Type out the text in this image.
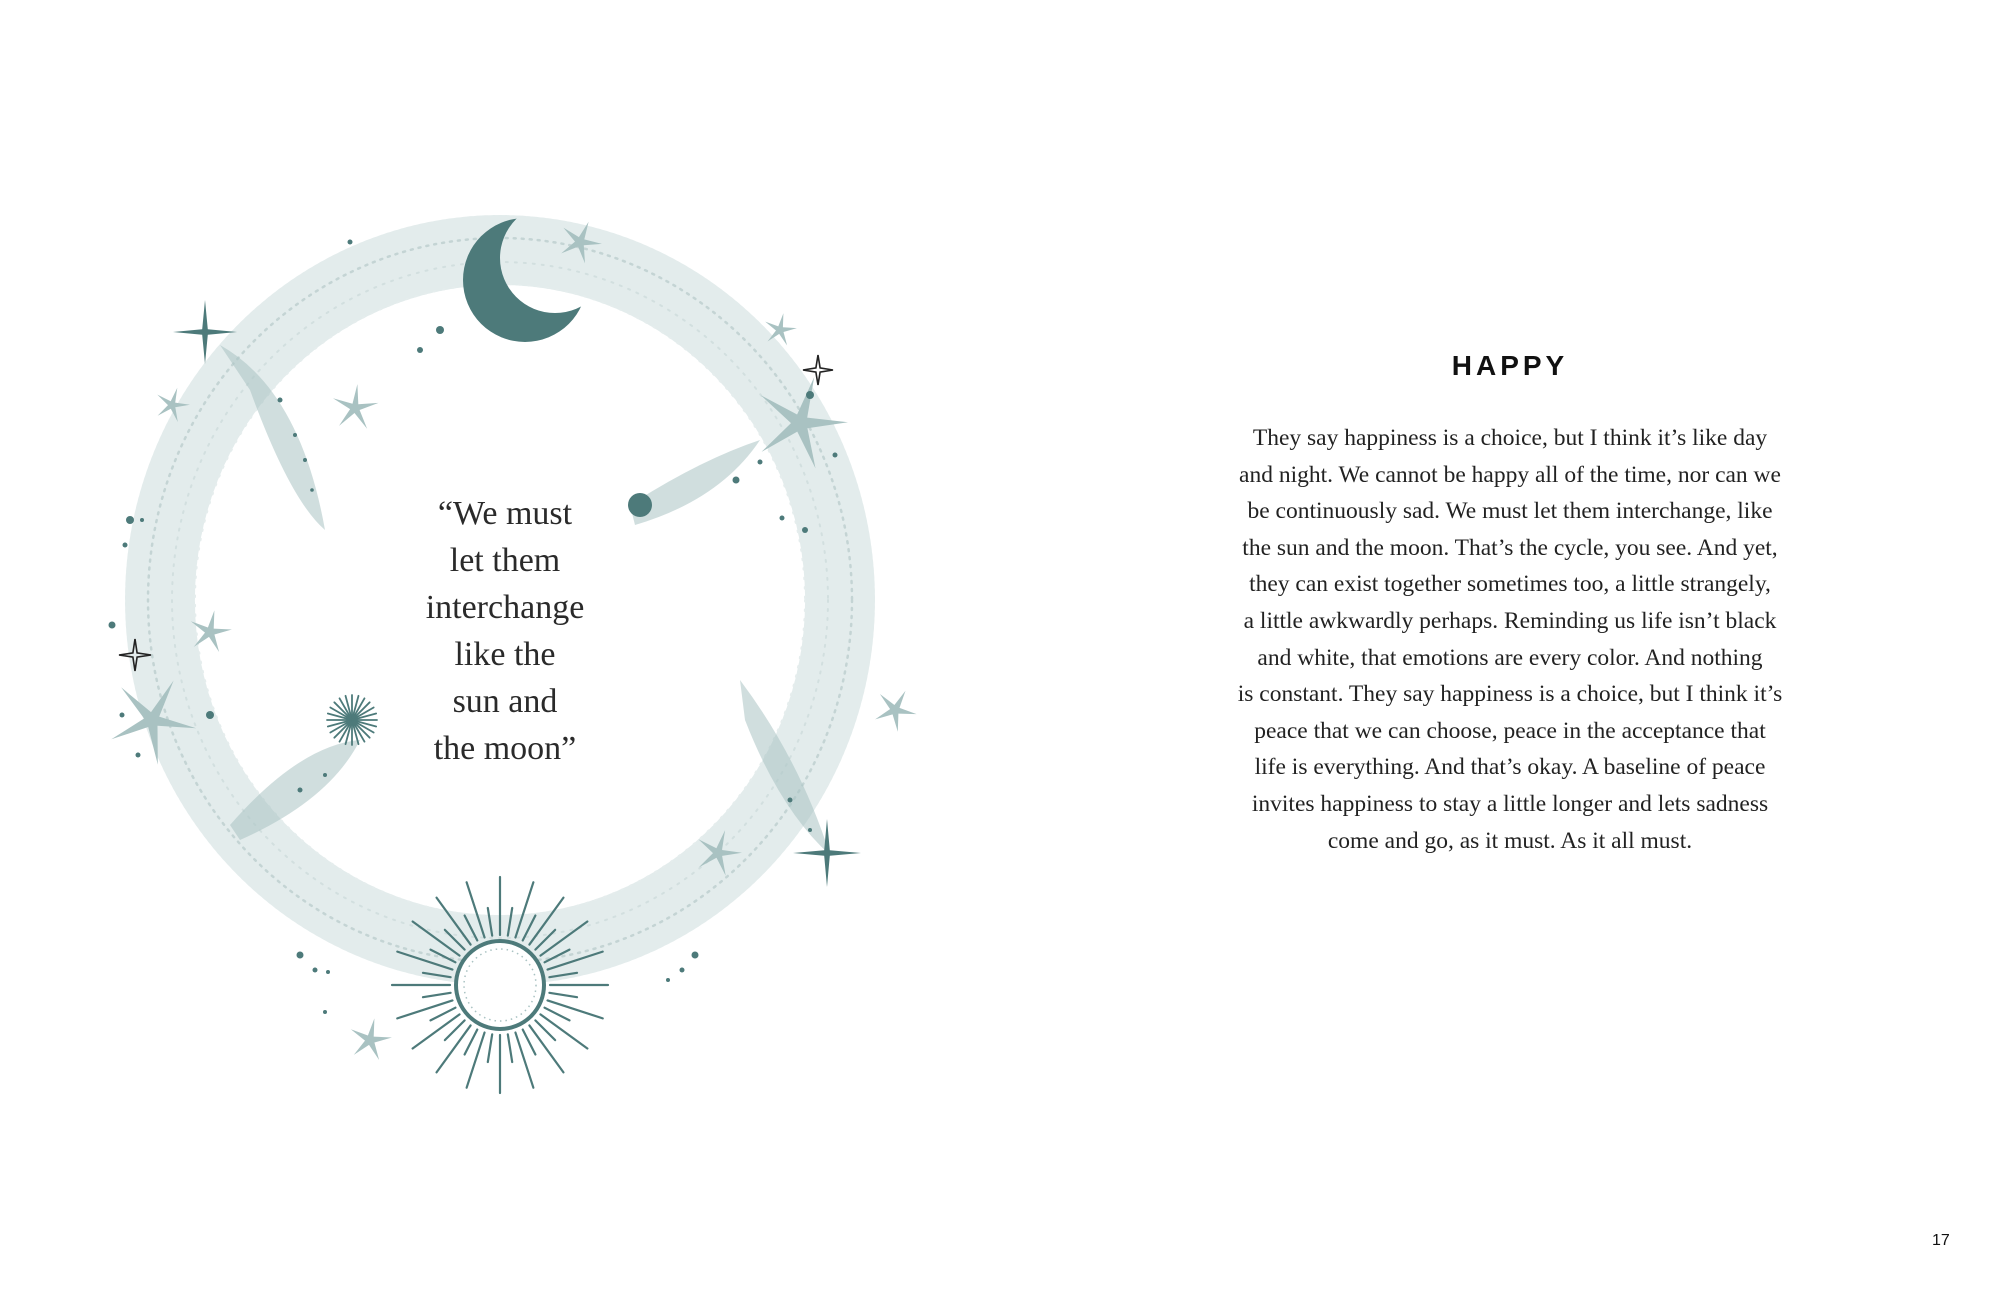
“We must
let them
interchange
like the
sun and
the moon”
HAPPY
They say happiness is a choice, but I think it’s like day
and night. We cannot be happy all of the time, nor can we
be continuously sad. We must let them interchange, like
the sun and the moon. That’s the cycle, you see. And yet,
they can exist together sometimes too, a little strangely,
a little awkwardly perhaps. Reminding us life isn’t black
and white, that emotions are every color. And nothing
is constant. They say happiness is a choice, but I think it’s
peace that we can choose, peace in the acceptance that
life is everything. And that’s okay. A baseline of peace
invites happiness to stay a little longer and lets sadness
come and go, as it must. As it all must.
17
